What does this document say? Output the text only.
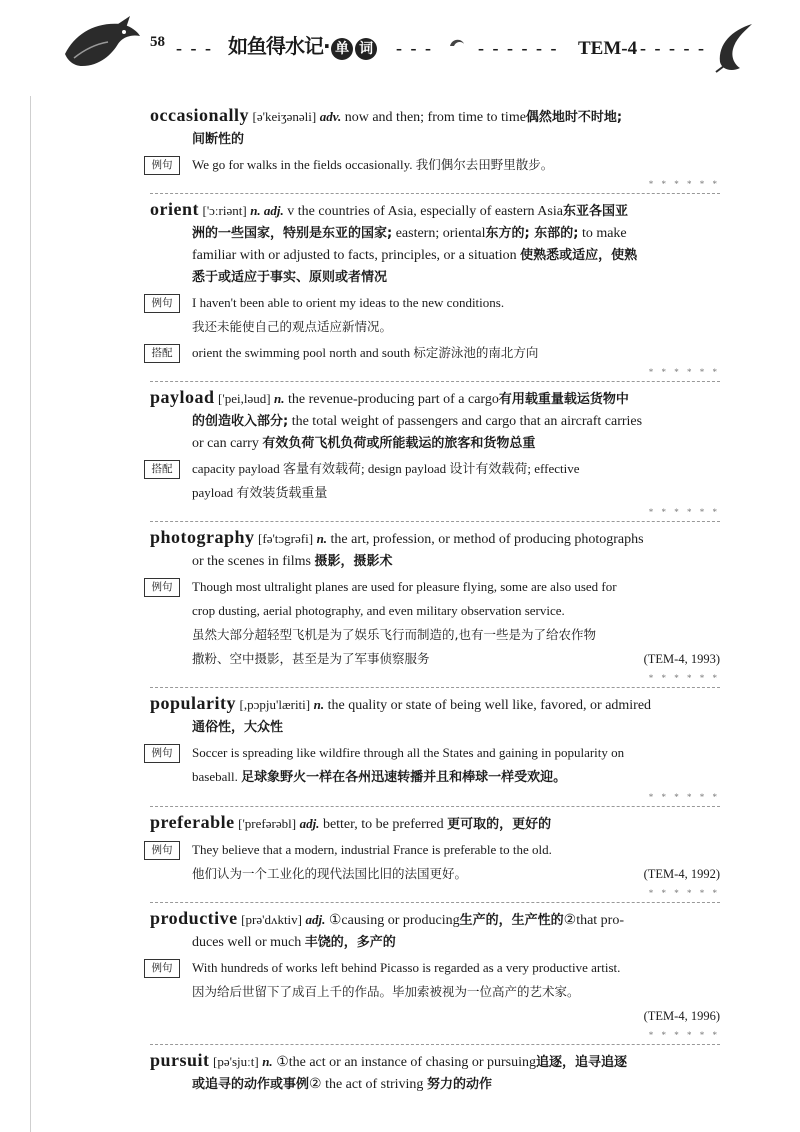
58 - - - 如鱼得水记· 单 词 - - -	- - - - - - TEM-4 - - - - -
occasionally [ə'keiʒənəli] adv. now and then; from time to time偶然地时不时地;
间断性的
例句	We go for walks in the fields occasionally. 我们偶尔去田野里散步。
* * * * * *
orient ['ɔːriənt] n. adj. v the countries of Asia, especially of eastern Asia东亚各国亚
洲的一些国家，特别是东亚的国家; eastern; oriental东方的; 东部的; to make
familiar with or adjusted to facts, principles, or a situation 使熟悉或适应，使熟
悉于或适应于事实、原则或者情况
例句	I haven't been able to orient my ideas to the new conditions.
我还未能使自己的观点适应新情况。
搭配	orient the swimming pool north and south 标定游泳池的南北方向
* * * * * *
payload ['pei,ləud] n. the revenue-producing part of a cargo有用载重量载运货物中
的创造收入部分; the total weight of passengers and cargo that an aircraft carries
or can carry 有效负荷飞机负荷或所能载运的旅客和货物总重
搭配	capacity payload 客量有效载荷; design payload 设计有效载荷; effective
payload 有效装货载重量
* * * * * *
photography [fə'tɔgrəfi] n. the art, profession, or method of producing photographs
or the scenes in films 摄影，摄影术
例句	Though most ultralight planes are used for pleasure flying, some are also used for
crop dusting, aerial photography, and even military observation service.
虽然大部分超轻型飞机是为了娱乐飞行而制造的,也有一些是为了给农作物
撒粉、空中摄影，甚至是为了军事侦察服务	(TEM-4, 1993)
* * * * * *
popularity [,pɔpju'læriti] n. the quality or state of being well like, favored, or admired
通俗性，大众性
例句	Soccer is spreading like wildfire through all the States and gaining in popularity on
baseball. 足球象野火一样在各州迅速转播并且和棒球一样受欢迎。
* * * * * *
preferable ['prefərəbl] adj. better, to be preferred 更可取的，更好的
例句	They believe that a modern, industrial France is preferable to the old.
他们认为一个工业化的现代法国比旧的法国更好。	(TEM-4, 1992)
* * * * * *
productive [prə'dʌktiv] adj. ①causing or producing生产的，生产性的②that pro-
duces well or much 丰饶的，多产的
例句	With hundreds of works left behind Picasso is regarded as a very productive artist.
因为给后世留下了成百上千的作品。毕加索被视为一位高产的艺术家。
(TEM-4, 1996)
* * * * * *
pursuit [pə'sjuːt] n. ①the act or an instance of chasing or pursuing追逐，追寻追逐
或追寻的动作或事例② the act of striving 努力的动作
